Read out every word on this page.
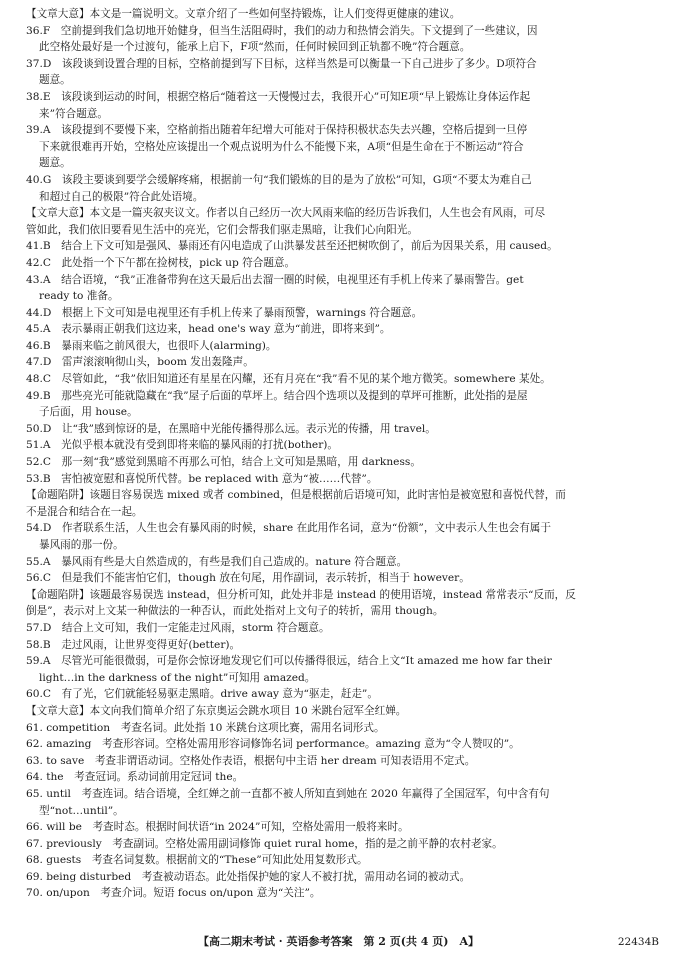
【文章大意】本文是一篇说明文。文章介绍了一些如何坚持锻炼，让人们变得更健康的建议。
36.F　空前提到我们急切地开始健身，但当生活阻碍时，我们的动力和热情会消失。下文提到了一些建议，因
此空格处最好是一个过渡句，能承上启下，F项“然而，任何时候回到正轨都不晚”符合题意。
37.D　该段谈到设置合理的目标，空格前提到写下目标，这样当然是可以衡量一下自己进步了多少。D项符合
题意。
38.E　该段谈到运动的时间，根据空格后“随着这一天慢慢过去，我很开心”可知E项“早上锻炼让身体运作起
来”符合题意。
39.A　该段提到不要慢下来，空格前指出随着年纪增大可能对于保持积极状态失去兴趣，空格后提到一旦停
下来就很难再开始，空格处应该提出一个观点说明为什么不能慢下来，A项“但是生命在于不断运动”符合
题意。
40.G　该段主要谈到要学会缓解疼痛，根据前一句“我们锻炼的目的是为了放松”可知，G项“不要太为难自己
和超过自己的极限”符合此处语境。
【文章大意】本文是一篇夹叙夹议文。作者以自己经历一次大风雨来临的经历告诉我们，人生也会有风雨，可尽
管如此，我们依旧要看见生活中的亮光，它们会帮我们驱走黑暗，让我们心向阳光。
41.B　结合上下文可知是强风、暴雨还有闪电造成了山洪暴发甚至还把树吹倒了，前后为因果关系，用 caused。
42.C　此处指一个下午都在捡树枝，pick up 符合题意。
43.A　结合语境，“我”正准备带狗在这天最后出去溜一圈的时候，电视里还有手机上传来了暴雨警告。get
ready to 准备。
44.D　根据上下文可知是电视里还有手机上传来了暴雨预警，warnings 符合题意。
45.A　表示暴雨正朝我们这边来，head one's way 意为“前进，即将来到”。
46.B　暴雨来临之前风很大，也很吓人(alarming)。
47.D　雷声滚滚响彻山头，boom 发出轰隆声。
48.C　尽管如此，“我”依旧知道还有星星在闪耀，还有月亮在“我”看不见的某个地方微笑。somewhere 某处。
49.B　那些亮光可能就隐藏在“我”屋子后面的草坪上。结合四个选项以及提到的草坪可推断，此处指的是屋
子后面，用 house。
50.D　让“我”感到惊讶的是，在黑暗中光能传播得那么远。表示光的传播，用 travel。
51.A　光似乎根本就没有受到即将来临的暴风雨的打扰(bother)。
52.C　那一刻“我”感觉到黑暗不再那么可怕，结合上文可知是黑暗，用 darkness。
53.B　害怕被宽慰和喜悦所代替。be replaced with 意为“被……代替”。
【命题陷阱】该题目容易误选 mixed 或者 combined，但是根据前后语境可知，此时害怕是被宽慰和喜悦代替，而
不是混合和结合在一起。
54.D　作者联系生活，人生也会有暴风雨的时候，share 在此用作名词，意为“份额”，文中表示人生也会有属于
暴风雨的那一份。
55.A　暴风雨有些是大自然造成的，有些是我们自己造成的。nature 符合题意。
56.C　但是我们不能害怕它们，though 放在句尾，用作副词，表示转折，相当于 however。
【命题陷阱】该题最容易误选 instead，但分析可知，此处并非是 instead 的使用语境，instead 常常表示“反而，反
倒是”，表示对上文某一种做法的一种否认，而此处指对上文句子的转折，需用 though。
57.D　结合上文可知，我们一定能走过风雨，storm 符合题意。
58.B　走过风雨，让世界变得更好(better)。
59.A　尽管光可能很微弱，可是你会惊讶地发现它们可以传播得很远，结合上文“It amazed me how far their
light…in the darkness of the night”可知用 amazed。
60.C　有了光，它们就能轻易驱走黑暗。drive away 意为“驱走，赶走”。
【文章大意】本文向我们简单介绍了东京奥运会跳水项目 10 米跳台冠军全红婵。
61. competition　考查名词。此处指 10 米跳台这项比赛，需用名词形式。
62. amazing　考查形容词。空格处需用形容词修饰名词 performance。amazing 意为“令人赞叹的”。
63. to save　考查非谓语动词。空格处作表语，根据句中主语 her dream 可知表语用不定式。
64. the　考查冠词。系动词前用定冠词 the。
65. until　考查连词。结合语境，全红婵之前一直都不被人所知直到她在 2020 年赢得了全国冠军，句中含有句
型“not…until”。
66. will be　考查时态。根据时间状语“in 2024”可知，空格处需用一般将来时。
67. previously　考查副词。空格处需用副词修饰 quiet rural home，指的是之前平静的农村老家。
68. guests　考查名词复数。根据前文的“These”可知此处用复数形式。
69. being disturbed　考查被动语态。此处指保护她的家人不被打扰，需用动名词的被动式。
70. on/upon　考查介词。短语 focus on/upon 意为“关注”。
【高二期末考试 · 英语参考答案　第 2 页(共 4 页)　A】	22434B
